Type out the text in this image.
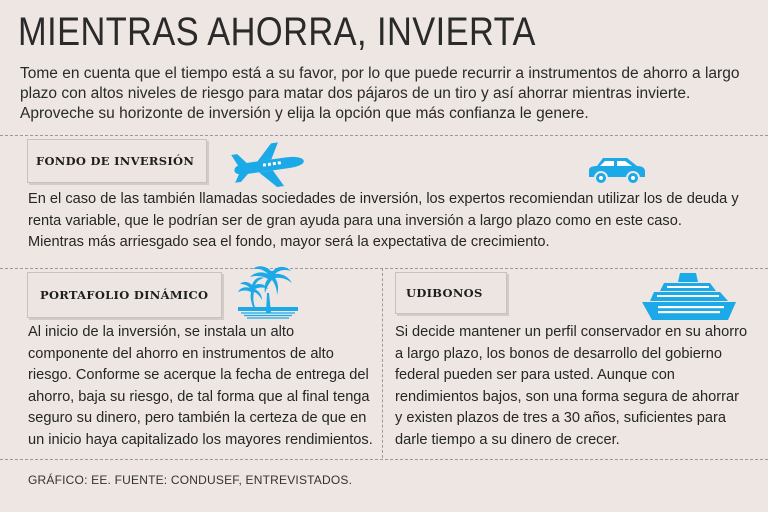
MIENTRAS AHORRA, INVIERTA
Tome en cuenta que el tiempo está a su favor, por lo que puede recurrir a instrumentos de ahorro a largo plazo con altos niveles de riesgo para matar dos pájaros de un tiro y así ahorrar mientras invierte. Aproveche su horizonte de inversión y elija la opción que más confianza le genere.
FONDO DE INVERSIÓN
En el caso de las también llamadas sociedades de inversión, los expertos recomiendan utilizar los de deuda y renta variable, que le podrían ser de gran ayuda para una inversión a largo plazo como en este caso. Mientras más arriesgado sea el fondo, mayor será la expectativa de crecimiento.
PORTAFOLIO DINÁMICO
Al inicio de la inversión, se instala un alto componente del ahorro en instrumentos de alto riesgo. Conforme se acerque la fecha de entrega del ahorro, baja su riesgo, de tal forma que al final tenga seguro su dinero, pero también la certeza de que en un inicio haya capitalizado los mayores rendimientos.
UDIBONOS
Si decide mantener un perfil conservador en su ahorro a largo plazo, los bonos de desarrollo del gobierno federal pueden ser para usted. Aunque con rendimientos bajos, son una forma segura de ahorrar y existen plazos de tres a 30 años, suficientes para darle tiempo a su dinero de crecer.
GRÁFICO: EE. FUENTE: CONDUSEF, ENTREVISTADOS.
